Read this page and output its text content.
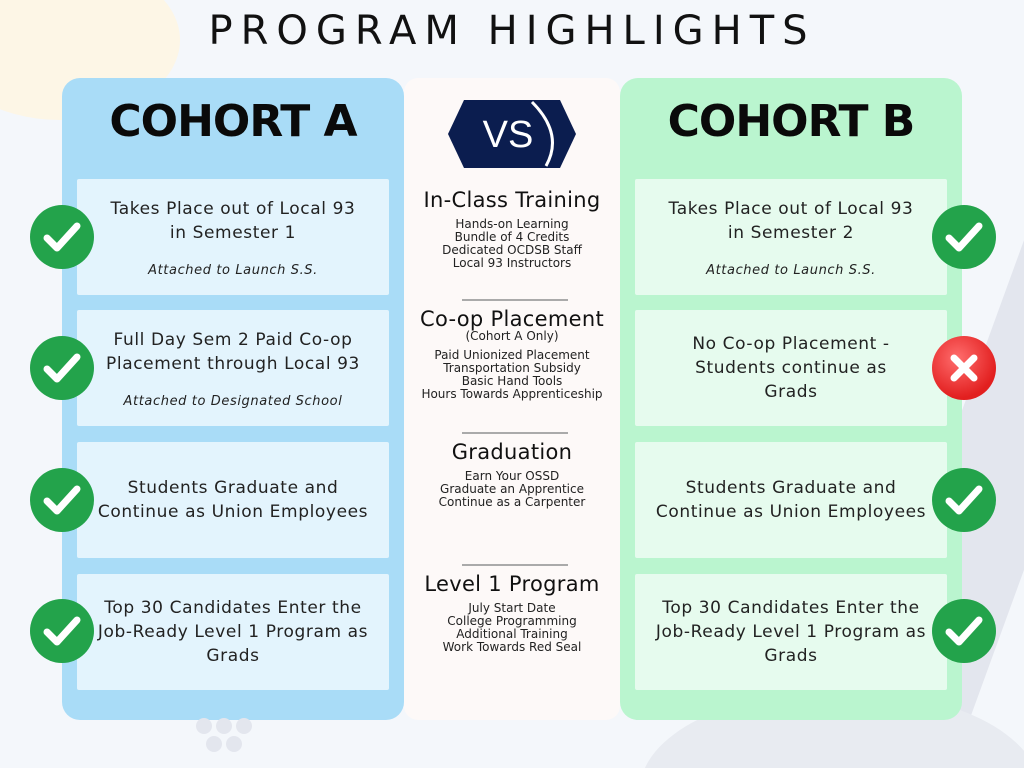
PROGRAM HIGHLIGHTS
COHORT A
Takes Place out of Local 93
in Semester 1
Attached to Launch S.S.
Full Day Sem 2 Paid Co-op
Placement through Local 93
Attached to Designated School
Students Graduate and
Continue as Union Employees
Top 30 Candidates Enter the
Job-Ready Level 1 Program as
Grads
COHORT B
Takes Place out of Local 93
in Semester 2
Attached to Launch S.S.
No Co-op Placement -
Students continue as
Grads
Students Graduate and
Continue as Union Employees
Top 30 Candidates Enter the
Job-Ready Level 1 Program as
Grads
VS
In-Class Training
Hands-on Learning
Bundle of 4 Credits
Dedicated OCDSB Staff
Local 93 Instructors
Co-op Placement
(Cohort A Only)
Paid Unionized Placement
Transportation Subsidy
Basic Hand Tools
Hours Towards Apprenticeship
Graduation
Earn Your OSSD
Graduate an Apprentice
Continue as a Carpenter
Level 1 Program
July Start Date
College Programming
Additional Training
Work Towards Red Seal
